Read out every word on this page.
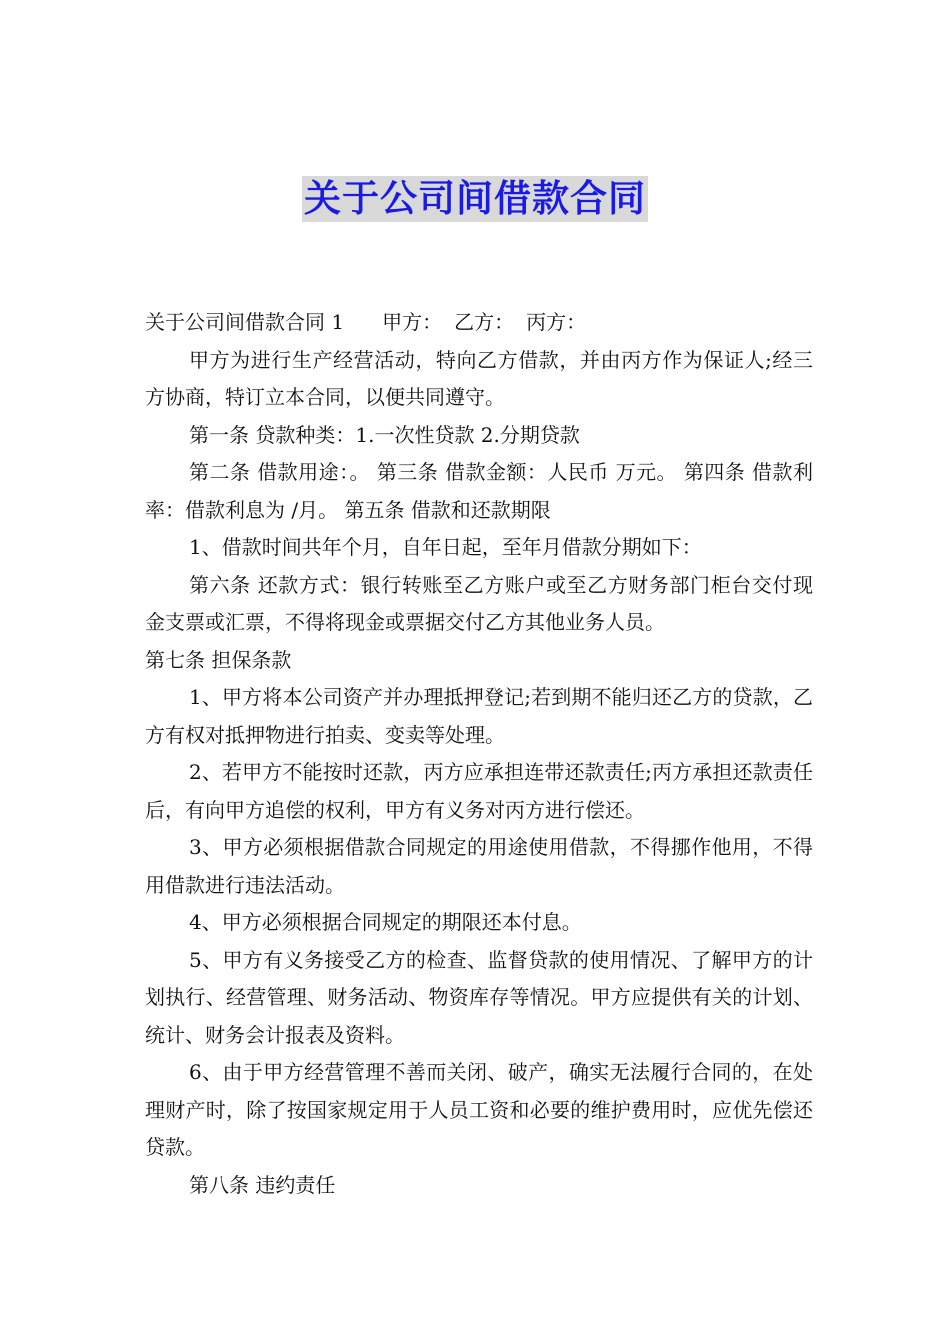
关于公司间借款合同

关于公司间借款合同 1 甲方： 乙方： 丙方：

甲方为进行生产经营活动，特向乙方借款，并由丙方作为保证人;经三方协商，特订立本合同，以便共同遵守。

第一条 贷款种类：1.一次性贷款 2.分期贷款

第二条 借款用途：。 第三条 借款金额：人民币 万元。 第四条 借款利率：借款利息为 /月。 第五条 借款和还款期限

1、借款时间共年个月，自年日起，至年月借款分期如下：

第六条 还款方式：银行转账至乙方账户或至乙方财务部门柜台交付现金支票或汇票，不得将现金或票据交付乙方其他业务人员。

第七条 担保条款

1、甲方将本公司资产并办理抵押登记;若到期不能归还乙方的贷款，乙方有权对抵押物进行拍卖、变卖等处理。

2、若甲方不能按时还款，丙方应承担连带还款责任;丙方承担还款责任后，有向甲方追偿的权利，甲方有义务对丙方进行偿还。

3、甲方必须根据借款合同规定的用途使用借款，不得挪作他用，不得用借款进行违法活动。

4、甲方必须根据合同规定的期限还本付息。

5、甲方有义务接受乙方的检查、监督贷款的使用情况、了解甲方的计划执行、经营管理、财务活动、物资库存等情况。甲方应提供有关的计划、统计、财务会计报表及资料。

6、由于甲方经营管理不善而关闭、破产，确实无法履行合同的，在处理财产时，除了按国家规定用于人员工资和必要的维护费用时，应优先偿还贷款。

第八条 违约责任
